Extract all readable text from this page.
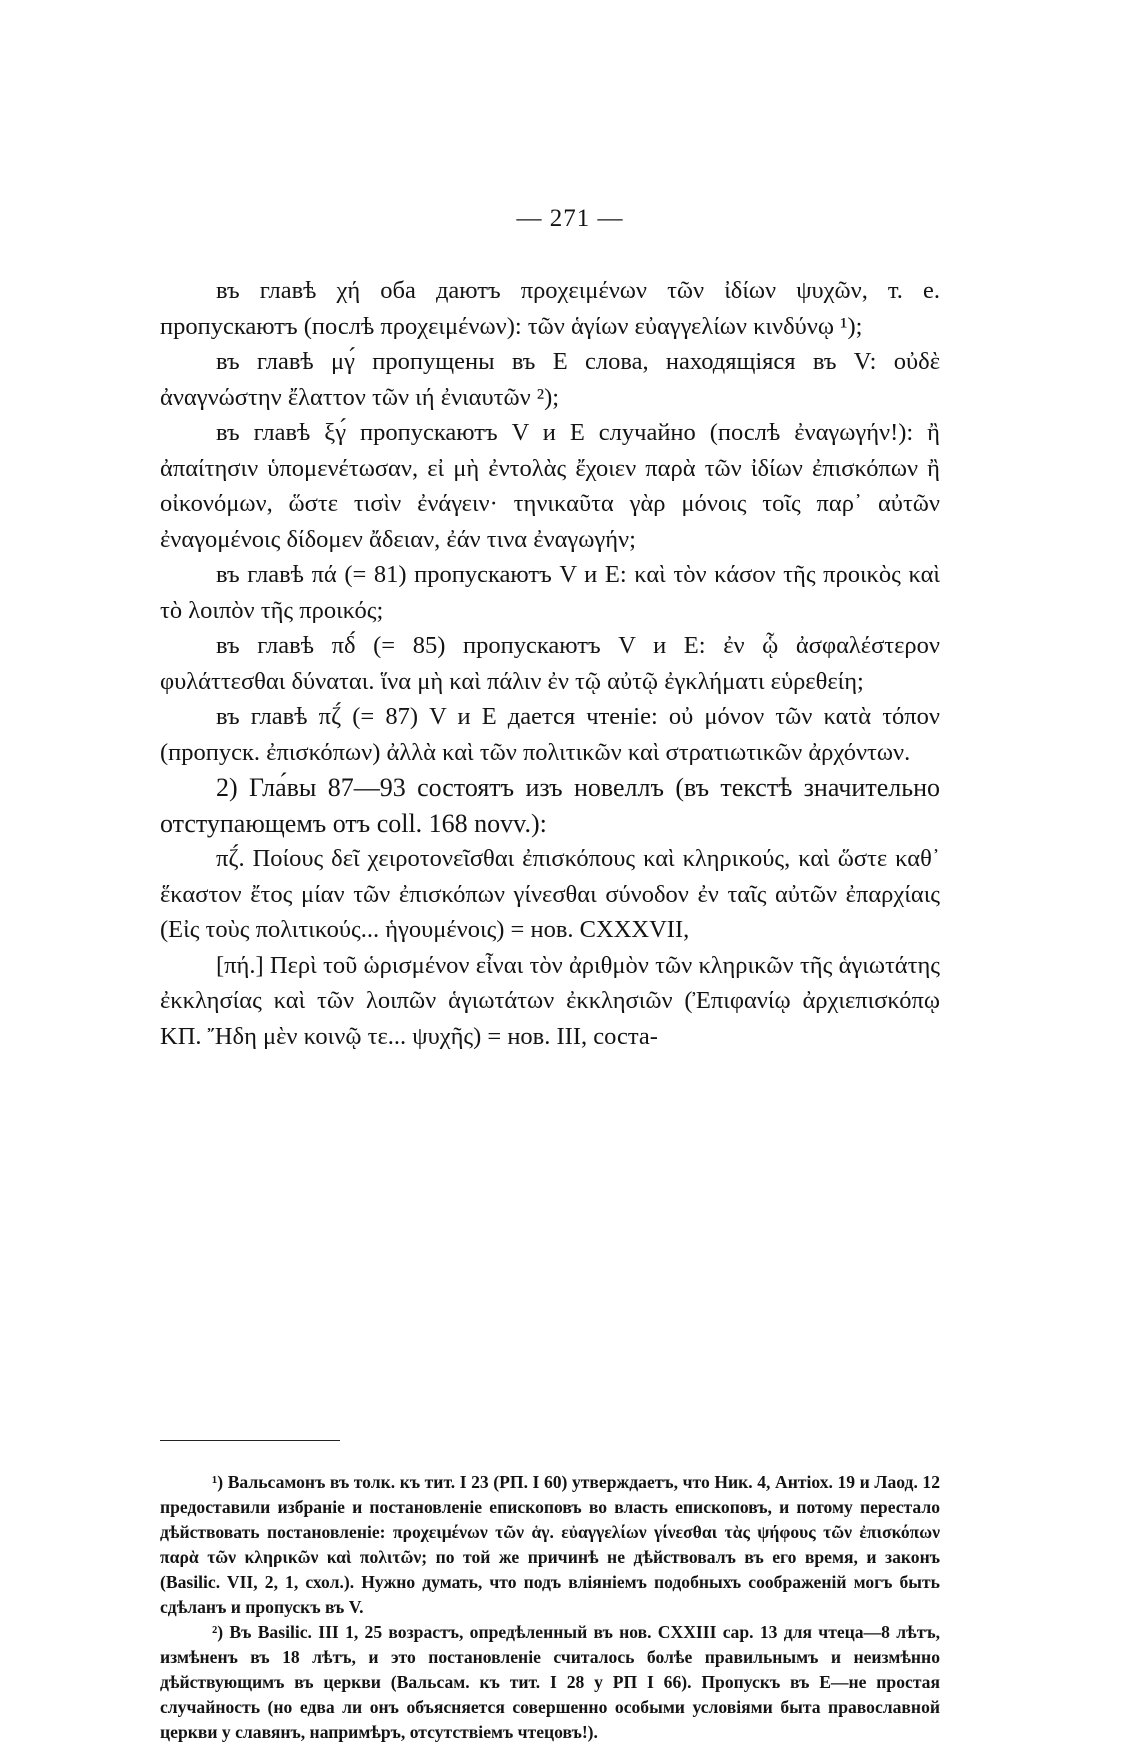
— 271 —

въ главѣ χή оба даютъ προχειμένων τῶν ἰδίων ψυχῶν, т. е. пропускаютъ (послѣ προχειμένων): τῶν ἁγίων εὐαγγελίων κινδύνῳ ¹);

въ главѣ μγ́ пропущены въ Е слова, находящіяся въ V: οὐδὲ ἀναγνώστην ἔλαττον τῶν ιή ἐνιαυτῶν ²);

въ главѣ ξγ́ пропускаютъ V и Е случайно (послѣ ἐναγωγήν!): ἢ ἀπαίτησιν ὑπομενέτωσαν, εἰ μὴ ἐντολὰς ἔχοιεν παρὰ τῶν ἰδίων ἐπισκόπων ἢ οἰκονόμων, ὥστε τισὶν ἐνάγειν· τηνικαῦτα γὰρ μόνοις τοῖς παρ᾽ αὐτῶν ἐναγομένοις δίδομεν ἄδειαν, ἐάν τινα ἐναγωγήν;

въ главѣ πά (= 81) пропускаютъ V и Е: καὶ τὸν κάσον τῆς προικὸς καὶ τὸ λοιπὸν τῆς προικός;

въ главѣ πδ́ (= 85) пропускаютъ V и Е: ἐν ᾧ ἀσφαλέστερον φυλάττεσθαι δύναται. ἵνα μὴ καὶ πάλιν ἐν τῷ αὐτῷ ἐγκλήματι εὑρεθείη;

въ главѣ πζ́ (= 87) V и Е дается чтеніе: οὐ μόνον τῶν κατὰ τόπον (пропуск. ἐπισκόπων) ἀλλὰ καὶ τῶν πολιτικῶν καὶ στρατιωτικῶν ἀρχόντων.

2) Гла́вы 87—93 состоятъ изъ новеллъ (въ текстѣ значительно отступающемъ отъ coll. 168 novv.):

πζ́. Ποίους δεῖ χειροτονεῖσθαι ἐπισκόπους καὶ κληρικούς, καὶ ὥστε καθ᾽ ἕκαστον ἔτος μίαν τῶν ἐπισκόπων γίνεσθαι σύνοδον ἐν ταῖς αὐτῶν ἐπαρχίαις (Εἰς τοὺς πολιτικούς... ἡγουμένοις) = нов. CXXXVII,

[πή.] Περὶ τοῦ ὡρισμένον εἶναι τὸν ἀριθμὸν τῶν κληρικῶν τῆς ἁγιωτάτης ἐκκλησίας καὶ τῶν λοιπῶν ἁγιωτάτων ἐκκλησιῶν (Ἐπιφανίῳ ἀρχιεπισκόπῳ ΚΠ. Ἤδη μὲν κοινῷ τε... ψυχῆς) = нов. III, соста-

¹) Вальсамонъ въ толк. къ тит. I 23 (РП. I 60) утверждаетъ, что Ник. 4, Антіох. 19 и Лаод. 12 предоставили избраніе и постановленіе епископовъ во власть епископовъ, и потому перестало дѣйствовать постановленіе: προχειμένων τῶν ἁγ. εὐαγγελίων γίνεσθαι τὰς ψήφους τῶν ἐπισκόπων παρὰ τῶν κληρικῶν καὶ πολιτῶν; по той же причинѣ не дѣйствовалъ въ его время, и законъ (Basilic. VII, 2, 1, схол.). Нужно думать, что подъ вліяніемъ подобныхъ соображеній могъ быть сдѣланъ и пропускъ въ V.

²) Въ Basilic. III 1, 25 возрастъ, опредѣленный въ нов. CXXIII cap. 13 для чтеца—8 лѣтъ, измѣненъ въ 18 лѣтъ, и это постановленіе считалось болѣе правильнымъ и неизмѣнно дѣйствующимъ въ церкви (Вальсам. къ тит. I 28 у РП I 66). Пропускъ въ Е—не простая случайность (но едва ли онъ объясняется совершенно особыми условіями быта православной церкви у славянъ, напримѣръ, отсутствіемъ чтецовъ!).
